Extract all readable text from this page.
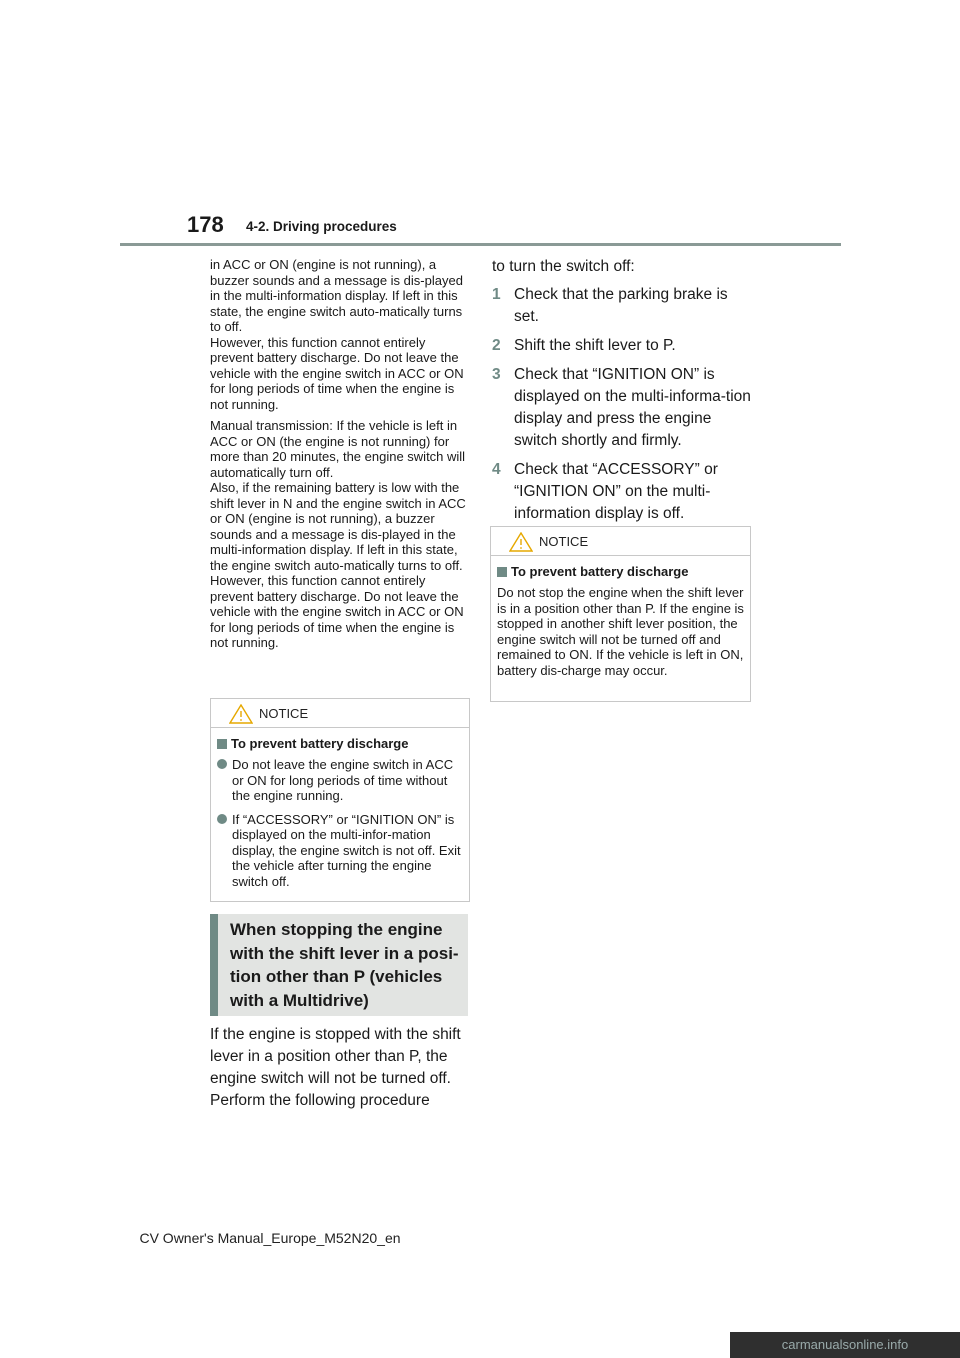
178 4-2. Driving procedures

in ACC or ON (engine is not running), a buzzer sounds and a message is dis-played in the multi-information display. If left in this state, the engine switch auto-matically turns to off.

However, this function cannot entirely prevent battery discharge. Do not leave the vehicle with the engine switch in ACC or ON for long periods of time when the engine is not running.

Manual transmission: If the vehicle is left in ACC or ON (the engine is not running) for more than 20 minutes, the engine switch will automatically turn off.

Also, if the remaining battery is low with the shift lever in N and the engine switch in ACC or ON (engine is not running), a buzzer sounds and a message is dis-played in the multi-information display. If left in this state, the engine switch auto-matically turns to off.

However, this function cannot entirely prevent battery discharge. Do not leave the vehicle with the engine switch in ACC or ON for long periods of time when the engine is not running.

NOTICE
To prevent battery discharge
Do not leave the engine switch in ACC or ON for long periods of time without the engine running.
If “ACCESSORY” or “IGNITION ON” is displayed on the multi-infor-mation display, the engine switch is not off. Exit the vehicle after turning the engine switch off.
When stopping the engine with the shift lever in a posi-tion other than P (vehicles with a Multidrive)

If the engine is stopped with the shift lever in a position other than P, the engine switch will not be turned off. Perform the following procedure

to turn the switch off:

1 Check that the parking brake is set.
2 Shift the shift lever to P.
3 Check that “IGNITION ON” is displayed on the multi-informa-tion display and press the engine switch shortly and firmly.
4 Check that “ACCESSORY” or “IGNITION ON” on the multi-information display is off.
NOTICE
To prevent battery discharge

Do not stop the engine when the shift lever is in a position other than P. If the engine is stopped in another shift lever position, the engine switch will not be turned off and remained to ON. If the vehicle is left in ON, battery dis-charge may occur.

CV Owner's Manual_Europe_M52N20_en
carmanualsonline.info
